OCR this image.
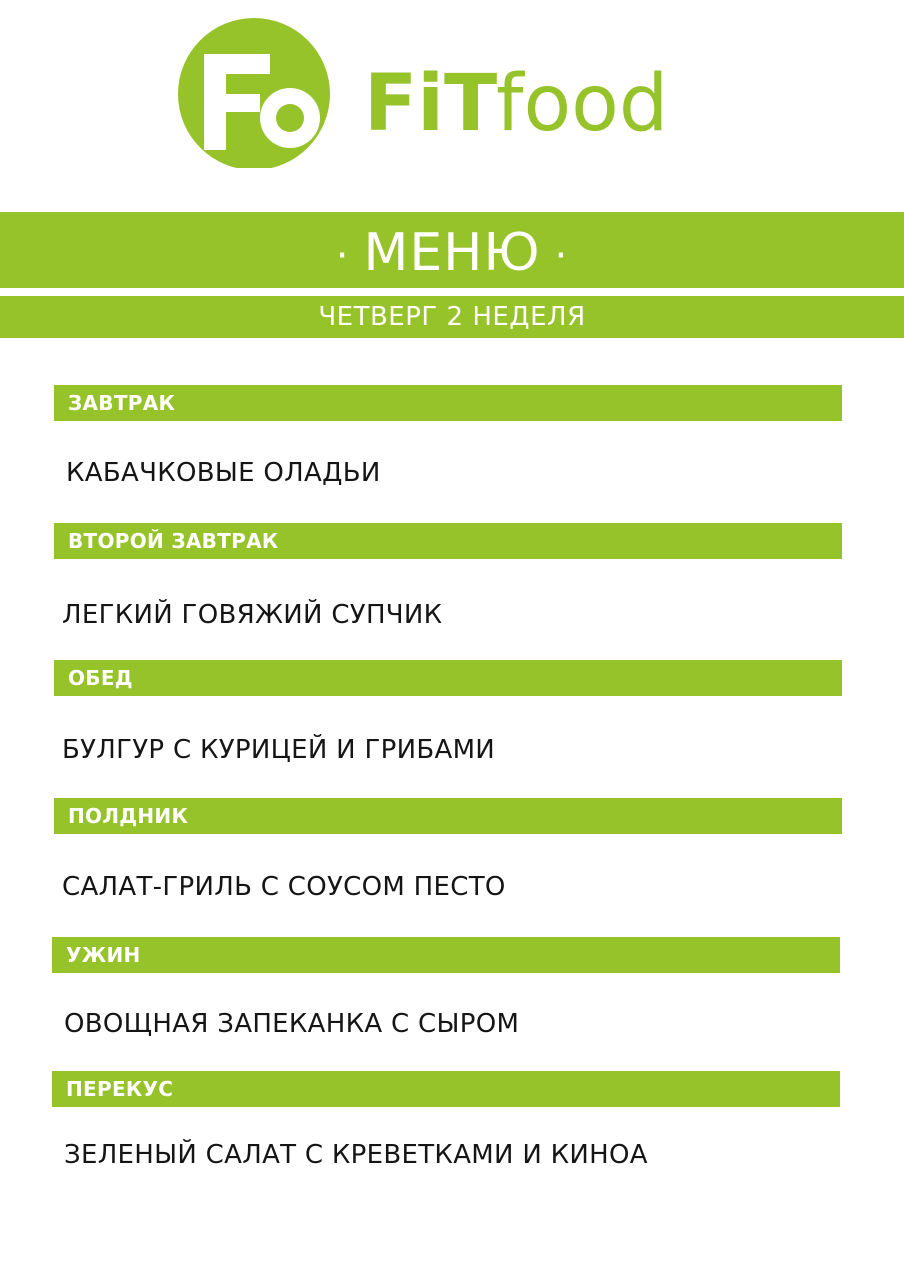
Fo
FiT
food
· МЕНЮ ·
ЧЕТВЕРГ 2 НЕДЕЛЯ
ЗАВТРАК
КАБАЧКОВЫЕ ОЛАДЬИ
ВТОРОЙ ЗАВТРАК
ЛЕГКИЙ ГОВЯЖИЙ СУПЧИК
ОБЕД
БУЛГУР С КУРИЦЕЙ И ГРИБАМИ
ПОЛДНИК
САЛАТ-ГРИЛЬ С СОУСОМ ПЕСТО
УЖИН
ОВОЩНАЯ ЗАПЕКАНКА С СЫРОМ
ПЕРЕКУС
ЗЕЛЕНЫЙ САЛАТ С КРЕВЕТКАМИ И КИНОА
